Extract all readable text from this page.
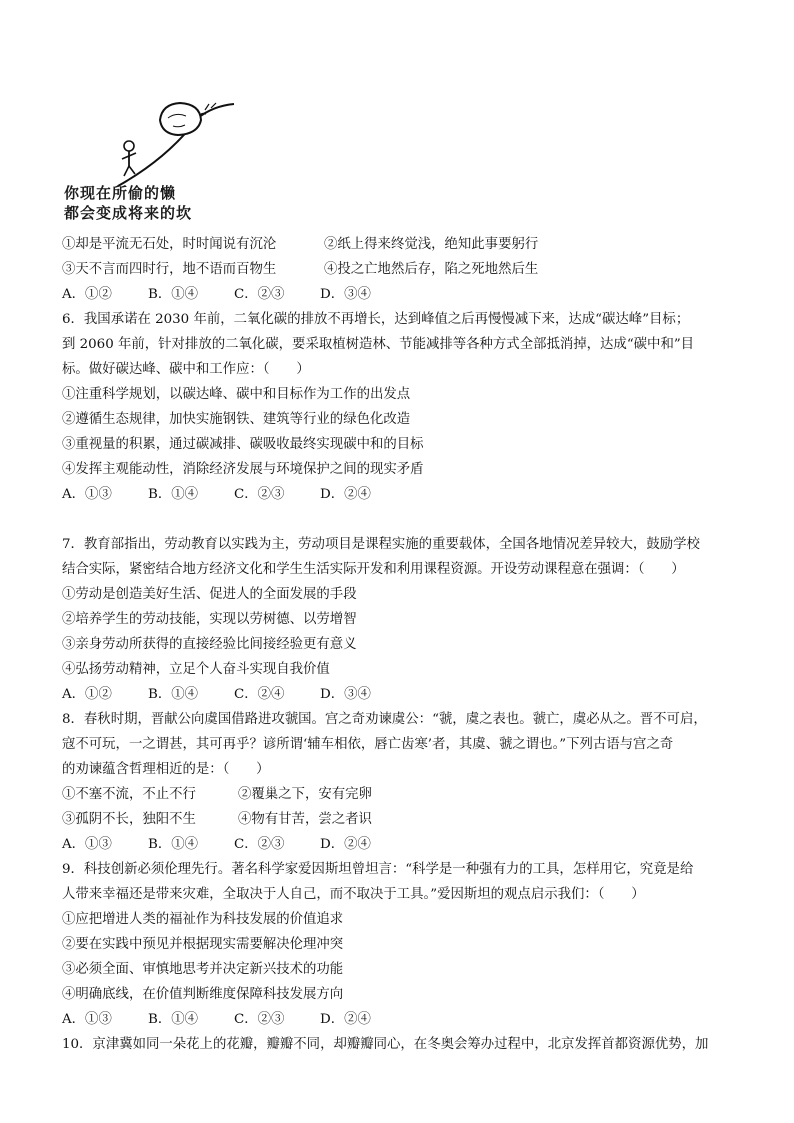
你现在所偷的懒
都会变成将来的坎
①却是平流无石处，时时闻说有沉沦	②纸上得来终觉浅，绝知此事要躬行
③天不言而四时行，地不语而百物生	④投之亡地然后存，陷之死地然后生
A．①②	B．①④	C．②③	D．③④
6．我国承诺在 2030 年前，二氧化碳的排放不再增长，达到峰值之后再慢慢减下来，达成“碳达峰”目标；
到 2060 年前，针对排放的二氧化碳，要采取植树造林、节能减排等各种方式全部抵消掉，达成“碳中和”目
标。做好碳达峰、碳中和工作应：（　　）
①注重科学规划，以碳达峰、碳中和目标作为工作的出发点
②遵循生态规律，加快实施钢铁、建筑等行业的绿色化改造
③重视量的积累，通过碳减排、碳吸收最终实现碳中和的目标
④发挥主观能动性，消除经济发展与环境保护之间的现实矛盾
A．①③	B．①④	C．②③	D．②④
7．教育部指出，劳动教育以实践为主，劳动项目是课程实施的重要载体，全国各地情况差异较大，鼓励学校
结合实际，紧密结合地方经济文化和学生生活实际开发和利用课程资源。开设劳动课程意在强调：（　　）
①劳动是创造美好生活、促进人的全面发展的手段
②培养学生的劳动技能，实现以劳树德、以劳增智
③亲身劳动所获得的直接经验比间接经验更有意义
④弘扬劳动精神，立足个人奋斗实现自我价值
A．①②	B．①④	C．②④	D．③④
8．春秋时期，晋献公向虞国借路进攻虢国。宫之奇劝谏虞公：“虢，虞之表也。虢亡，虞必从之。晋不可启，
寇不可玩，一之谓甚，其可再乎？谚所谓‘辅车相依，唇亡齿寒’者，其虞、虢之谓也。”下列古语与宫之奇
的劝谏蕴含哲理相近的是：（　　）
①不塞不流，不止不行	②覆巢之下，安有完卵
③孤阴不长，独阳不生	④物有甘苦，尝之者识
A．①③	B．①④	C．②③	D．②④
9．科技创新必须伦理先行。著名科学家爱因斯坦曾坦言：“科学是一种强有力的工具，怎样用它，究竟是给
人带来幸福还是带来灾难，全取决于人自己，而不取决于工具。”爱因斯坦的观点启示我们：（　　）
①应把增进人类的福祉作为科技发展的价值追求
②要在实践中预见并根据现实需要解决伦理冲突
③必须全面、审慎地思考并决定新兴技术的功能
④明确底线，在价值判断维度保障科技发展方向
A．①③	B．①④	C．②③	D．②④
10．京津冀如同一朵花上的花瓣，瓣瓣不同，却瓣瓣同心，在冬奥会筹办过程中，北京发挥首都资源优势，加
